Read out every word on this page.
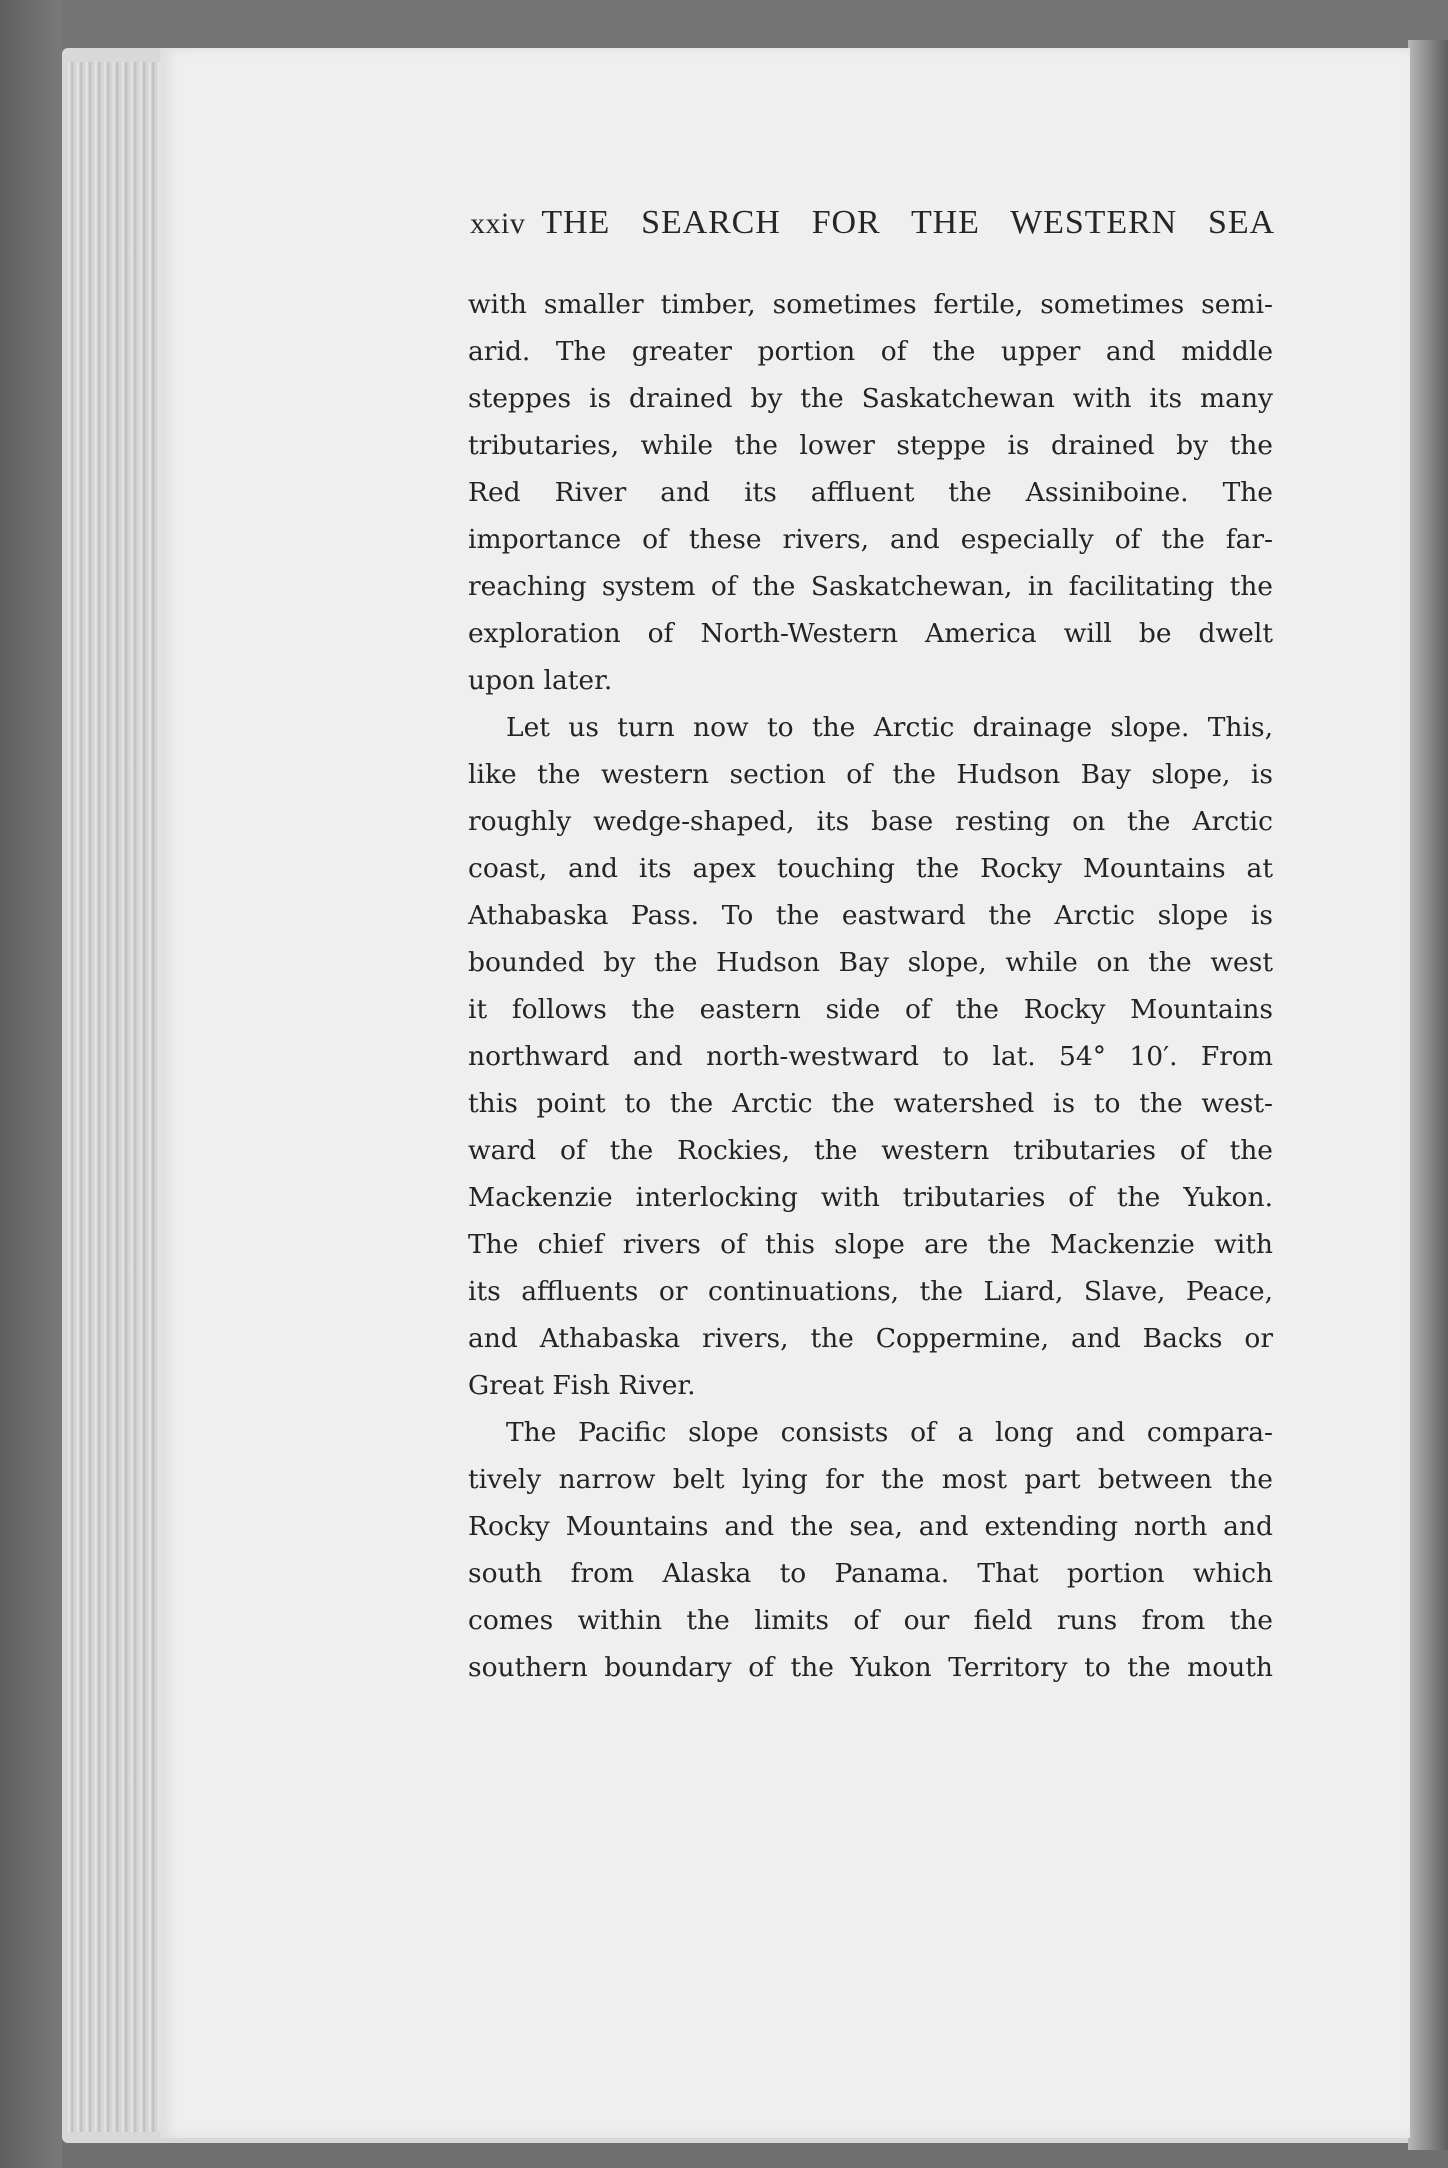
xxiv THE SEARCH FOR THE WESTERN SEA
with smaller timber, sometimes fertile, sometimes semi-
arid. The greater portion of the upper and middle
steppes is drained by the Saskatchewan with its many
tributaries, while the lower steppe is drained by the
Red River and its affluent the Assiniboine. The
importance of these rivers, and especially of the far-
reaching system of the Saskatchewan, in facilitating the
exploration of North-Western America will be dwelt
upon later.
Let us turn now to the Arctic drainage slope. This,
like the western section of the Hudson Bay slope, is
roughly wedge-shaped, its base resting on the Arctic
coast, and its apex touching the Rocky Mountains at
Athabaska Pass. To the eastward the Arctic slope is
bounded by the Hudson Bay slope, while on the west
it follows the eastern side of the Rocky Mountains
northward and north-westward to lat. 54° 10′. From
this point to the Arctic the watershed is to the west-
ward of the Rockies, the western tributaries of the
Mackenzie interlocking with tributaries of the Yukon.
The chief rivers of this slope are the Mackenzie with
its affluents or continuations, the Liard, Slave, Peace,
and Athabaska rivers, the Coppermine, and Backs or
Great Fish River.
The Pacific slope consists of a long and compara-
tively narrow belt lying for the most part between the
Rocky Mountains and the sea, and extending north and
south from Alaska to Panama. That portion which
comes within the limits of our field runs from the
southern boundary of the Yukon Territory to the mouth
